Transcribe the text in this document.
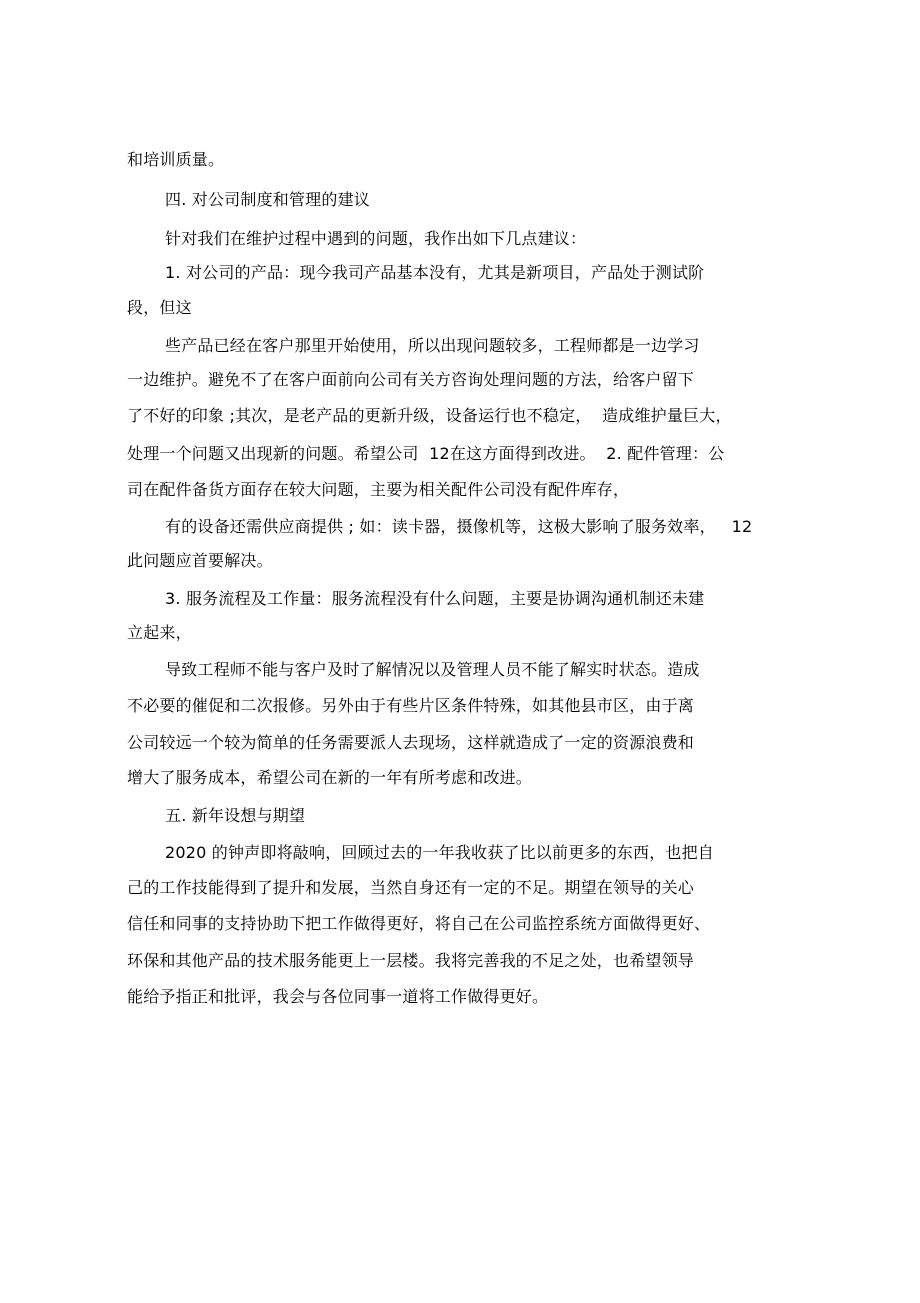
和培训质量。
四. 对公司制度和管理的建议
针对我们在维护过程中遇到的问题，我作出如下几点建议：
1. 对公司的产品：现今我司产品基本没有，尤其是新项目，产品处于测试阶
段，但这
些产品已经在客户那里开始使用，所以出现问题较多，工程师都是一边学习
一边维护。避免不了在客户面前向公司有关方咨询处理问题的方法，给客户留下
了不好的印象 ;其次，是老产品的更新升级，设备运行也不稳定，  造成维护量巨大，
处理一个问题又出现新的问题。希望公司  12在这方面得到改进。  2. 配件管理：公
司在配件备货方面存在较大问题，主要为相关配件公司没有配件库存，
有的设备还需供应商提供 ; 如：读卡器，摄像机等，这极大影响了服务效率，   12
此问题应首要解决。
3. 服务流程及工作量：服务流程没有什么问题，主要是协调沟通机制还未建
立起来，
导致工程师不能与客户及时了解情况以及管理人员不能了解实时状态。造成
不必要的催促和二次报修。另外由于有些片区条件特殊，如其他县市区，由于离
公司较远一个较为简单的任务需要派人去现场，这样就造成了一定的资源浪费和
增大了服务成本，希望公司在新的一年有所考虑和改进。
五. 新年设想与期望
2020 的钟声即将敲响，回顾过去的一年我收获了比以前更多的东西，也把自
己的工作技能得到了提升和发展，当然自身还有一定的不足。期望在领导的关心
信任和同事的支持协助下把工作做得更好，将自己在公司监控系统方面做得更好、
环保和其他产品的技术服务能更上一层楼。我将完善我的不足之处，也希望领导
能给予指正和批评，我会与各位同事一道将工作做得更好。
